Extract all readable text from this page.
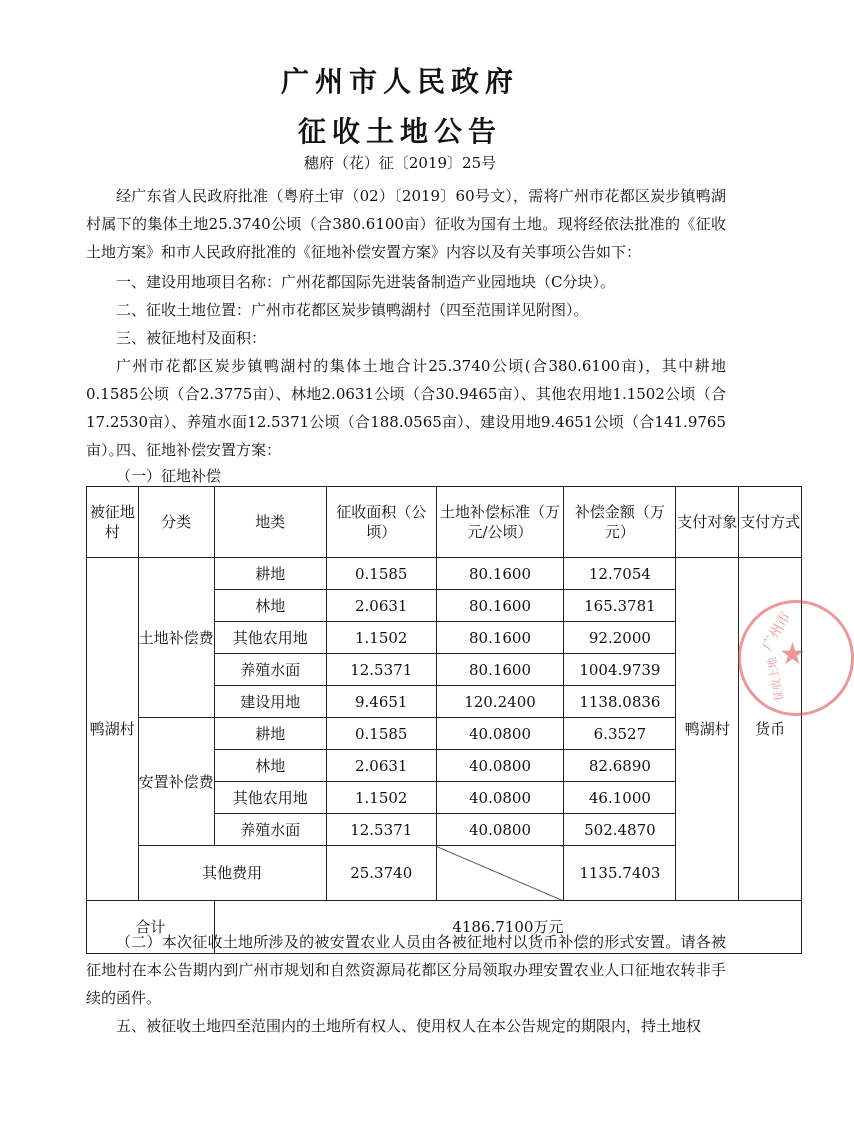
广州市人民政府
征收土地公告
穗府（花）征〔2019〕25号
经广东省人民政府批准（粤府土审（02）〔2019〕60号文），需将广州市花都区炭步镇鸭湖村属下的集体土地25.3740公顷（合380.6100亩）征收为国有土地。现将经依法批准的《征收土地方案》和市人民政府批准的《征地补偿安置方案》内容以及有关事项公告如下：
一、建设用地项目名称：广州花都国际先进装备制造产业园地块（C分块）。
二、征收土地位置：广州市花都区炭步镇鸭湖村（四至范围详见附图）。
三、被征地村及面积：
广州市花都区炭步镇鸭湖村的集体土地合计25.3740公顷(合380.6100亩)，其中耕地0.1585公顷（合2.3775亩）、林地2.0631公顷（合30.9465亩）、其他农用地1.1502公顷（合17.2530亩）、养殖水面12.5371公顷（合188.0565亩）、建设用地9.4651公顷（合141.9765亩）。
四、征地补偿安置方案：
（一）征地补偿
被征地村	分类	地类	征收面积（公顷）	土地补偿标准（万元/公顷）	补偿金额（万元）	支付对象	支付方式
鸭湖村	土地补偿费	耕地	0.1585	80.1600	12.7054	鸭湖村	货币
		林地	2.0631	80.1600	165.3781		
		其他农用地	1.1502	80.1600	92.2000		
		养殖水面	12.5371	80.1600	1004.9739		
		建设用地	9.4651	120.2400	1138.0836		
	安置补偿费	耕地	0.1585	40.0800	6.3527		
		林地	2.0631	40.0800	82.6890		
		其他农用地	1.1502	40.0800	46.1000		
		养殖水面	12.5371	40.0800	502.4870		
	其他费用		25.3740		1135.7403		
合计		4186.7100万元					
（二）本次征收土地所涉及的被安置农业人员由各被征地村以货币补偿的形式安置。请各被征地村在本公告期内到广州市规划和自然资源局花都区分局领取办理安置农业人口征地农转非手续的函件。
五、被征收土地四至范围内的土地所有权人、使用权人在本公告规定的期限内，持土地权
★
广州市
征收土地
